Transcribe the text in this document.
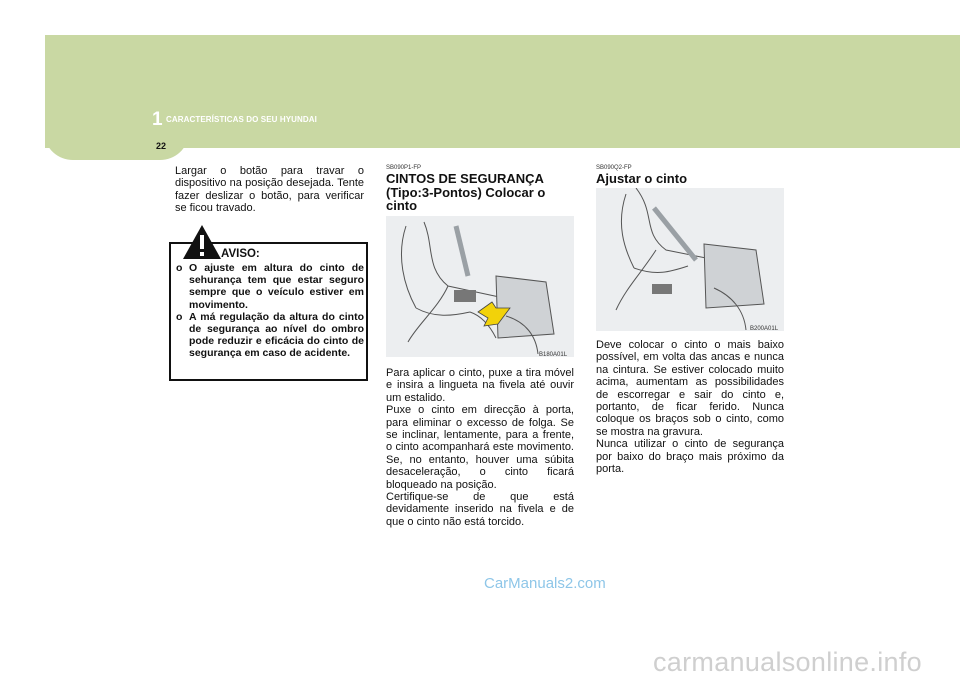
1 CARACTERÍSTICAS DO SEU HYUNDAI
22

Largar o botão para travar o dispositivo na posição desejada. Tente fazer deslizar o botão, para verificar se ficou travado.

AVISO:
o O ajuste em altura do cinto de sehurança tem que estar seguro sempre que o veículo estiver em movimento.
o A má regulação da altura do cinto de segurança ao nível do ombro pode reduzir e eficácia do cinto de segurança em caso de acidente.
SB090P1-FP

CINTOS DE SEGURANÇA (Tipo:3-Pontos) Colocar o cinto

B180A01L

Para aplicar o cinto, puxe a tira móvel e insira a lingueta na fivela até ouvir um estalido.
Puxe o cinto em direcção à porta, para eliminar o excesso de folga. Se se inclinar, lentamente, para a frente, o cinto acompanhará este movimento. Se, no entanto, houver uma súbita desaceleração, o cinto ficará bloqueado na posição.
Certifique-se de que está devidamente inserido na fivela e de que o cinto não está torcido.

SB090Q2-FP

Ajustar o cinto

B200A01L

Deve colocar o cinto o mais baixo possível, em volta das ancas e nunca na cintura. Se estiver colocado muito acima, aumentam as possibilidades de escorregar e sair do cinto e, portanto, de ficar ferido. Nunca coloque os braços sob o cinto, como se mostra na gravura.
Nunca utilizar o cinto de segurança por baixo do braço mais próximo da porta.

CarManuals2.com
carmanualsonline.info
